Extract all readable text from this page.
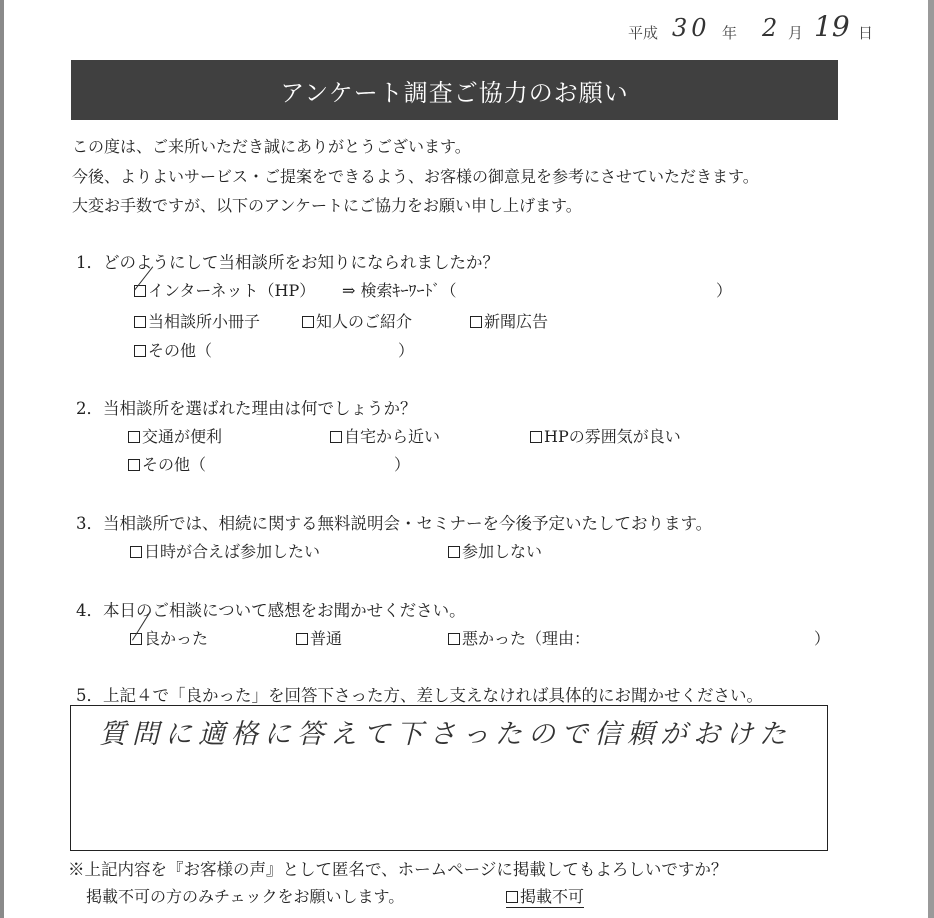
平成 30 年 2 月 19 日
アンケート調査ご協力のお願い
この度は、ご来所いただき誠にありがとうございます。
今後、よりよいサービス・ご提案をできるよう、お客様の御意見を参考にさせていただきます。
大変お手数ですが、以下のアンケートにご協力をお願い申し上げます。
1．どのようにして当相談所をお知りになられましたか？
インターネット（HP） ⇒ 検索ｷｰﾜｰﾄﾞ（	）
当相談所小冊子	知人のご紹介	新聞広告
その他（	）
2．当相談所を選ばれた理由は何でしょうか？
交通が便利	自宅から近い	HPの雰囲気が良い
その他（	）
3．当相談所では、相続に関する無料説明会・セミナーを今後予定いたしております。
日時が合えば参加したい	参加しない
4．本日のご相談について感想をお聞かせください。
良かった	普通	悪かった（理由：	）
5．上記４で「良かった」を回答下さった方、差し支えなければ具体的にお聞かせください。
質問に適格に答えて下さったので信頼がおけた
※上記内容を『お客様の声』として匿名で、ホームページに掲載してもよろしいですか？
掲載不可の方のみチェックをお願いします。	掲載不可
